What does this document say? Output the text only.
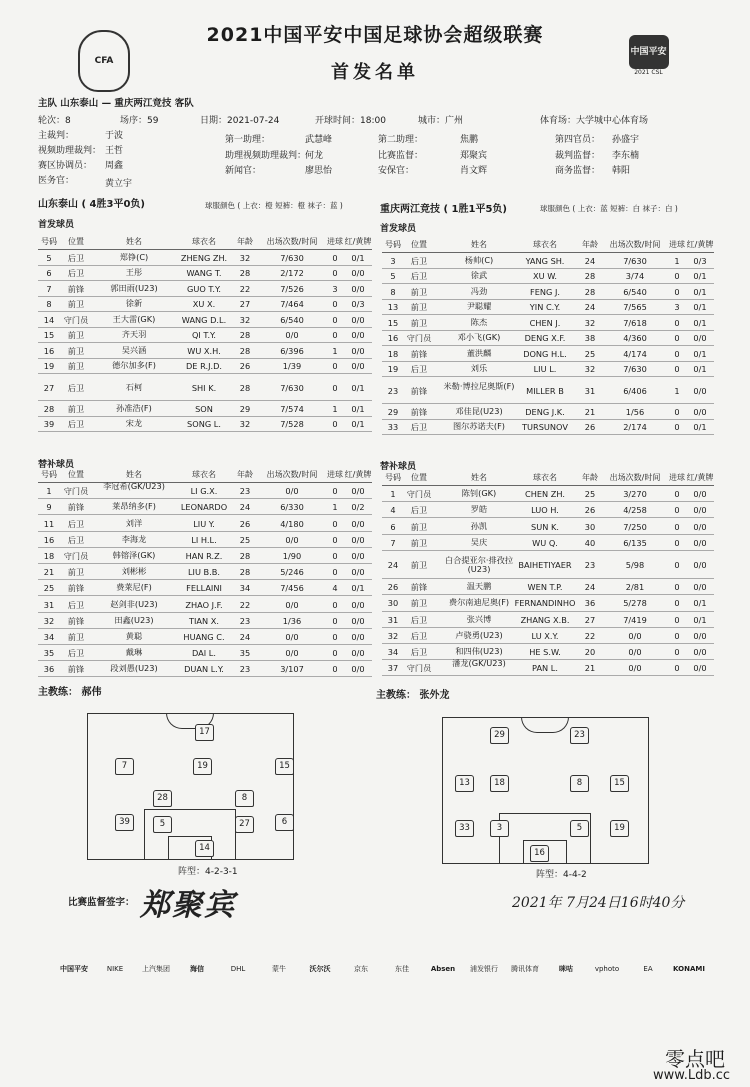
CFA
中国平安
2021 CSL
2021中国平安中国足球协会超级联赛
首发名单
主队 山东泰山 — 重庆两江竞技 客队
轮次：8	场序：59	日期：2021-07-24	开球时间：18:00	城市：广州	体育场：大学城中心体育场
主裁判：	于波	第一助理：	武慧峰	第二助理：	焦鹏	第四官员： 孙盛宇
视频助理裁判： 王哲	助理视频助理裁判：
何龙	比赛监督：	郑聚宾	裁判监督： 李东楠
赛区协调员： 周鑫	新闻官：	廖思怡	安保官：	肖文辉	商务监督： 韩阳
医务官：	黄立宇
山东泰山 ( 4胜3平0负)	球服颜色 ( 上衣：橙 短裤：橙 袜子：蓝 )	重庆两江竞技 ( 1胜1平5负)	球服颜色 ( 上衣：蓝 短裤：白 袜子：白 )
首发球员	首发球员
号码	位置	姓名	球衣名	年龄	出场次数/时间	进球 红/黄牌
5	后卫	郑铮(C)	ZHENG ZH.	32	7/630	0	0/1
6	后卫	王彤	WANG T.	28	2/172	0	0/0
7	前锋	郭田雨(U23)	GUO T.Y.	22	7/526	3	0/0
8	前卫	徐新	XU X.	27	7/464	0	0/3
14	守门员	王大雷(GK)	WANG D.L.	32	6/540	0	0/0
15	前卫	齐天羽	QI T.Y.	28	0/0	0	0/0
16	前卫	吴兴涵	WU X.H.	28	6/396	1	0/0
19	前卫	德尔加多(F)	DE R.J.D.	26	1/39	0	0/0
27	后卫	石柯	SHI K.	28	7/630	0	0/1
28	前卫	孙准浩(F)	SON	29	7/574	1	0/1
39	后卫	宋龙	SONG L.	32	7/528	0	0/1
号码	位置	姓名	球衣名	年龄	出场次数/时间	进球 红/黄牌
3	后卫	杨帅(C)	YANG SH.	24	7/630	1	0/3
5	后卫	徐武	XU W.	28	3/74	0	0/1
8	前卫	冯劲	FENG J.	28	6/540	0	0/1
13	前卫	尹聪耀	YIN C.Y.	24	7/565	3	0/1
15	前卫	陈杰	CHEN J.	32	7/618	0	0/1
16	守门员	邓小飞(GK)	DENG X.F.	38	4/360	0	0/0
18	前锋	董洪麟	DONG H.L.	25	4/174	0	0/1
19	后卫	刘乐	LIU L.	32	7/630	0	0/1
23	前锋	米勒·博拉尼奥斯(F)	MILLER B	31	6/406	1	0/0
29	前锋	邓佳昆(U23)	DENG J.K.	21	1/56	0	0/0
33	后卫	图尔苏诺夫(F)	TURSUNOV	26	2/174	0	0/1
号码	位置	姓名	球衣名	年龄	出场次数/时间	进球 红/黄牌
1	守门员	李冠希(GK/U23)	LI G.X.	23	0/0	0	0/0
9	前锋	莱昂纳多(F)	LEONARDO	24	6/330	1	0/2
11	后卫	刘洋	LIU Y.	26	4/180	0	0/0
16	后卫	李海龙	LI H.L.	25	0/0	0	0/0
18	守门员	韩镕泽(GK)	HAN R.Z.	28	1/90	0	0/0
21	前卫	刘彬彬	LIU B.B.	28	5/246	0	0/0
25	前锋	费莱尼(F)	FELLAINI	34	7/456	4	0/1
31	后卫	赵剑非(U23)	ZHAO J.F.	22	0/0	0	0/0
32	前锋	田鑫(U23)	TIAN X.	23	1/36	0	0/0
34	前卫	黄聪	HUANG C.	24	0/0	0	0/0
35	后卫	戴琳	DAI L.	35	0/0	0	0/0
36	前锋	段刘愚(U23)	DUAN L.Y.	23	3/107	0	0/0
号码	位置	姓名	球衣名	年龄	出场次数/时间	进球 红/黄牌
1	守门员	陈钊(GK)	CHEN ZH.	25	3/270	0	0/0
4	后卫	罗皓	LUO H.	26	4/258	0	0/0
6	前卫	孙凯	SUN K.	30	7/250	0	0/0
7	前卫	吴庆	WU Q.	40	6/135	0	0/0
24	前卫	白合提亚尔·排孜拉(U23)	BAIHETIYAER	23	5/98	0	0/0
26	前锋	温天鹏	WEN T.P.	24	2/81	0	0/0
30	前卫	费尔南迪尼奥(F) FERNANDINHO	36	5/278	0	0/1
31	后卫	张兴博	ZHANG X.B.	27	7/419	0	0/1
32	后卫	卢骁勇(U23)	LU X.Y.	22	0/0	0	0/0
34	后卫	和四伟(U23)	HE S.W.	20	0/0	0	0/0
37	守门员	潘龙(GK/U23)	PAN L.	21	0/0	0	0/0
替补球员	替补球员
主教练： 郝伟	主教练： 张外龙
17
7	19	15
28	8
39	5	27	6
14
阵型：4-2-3-1
29	23
13	18	8	15
33	3	5	19
16
阵型：4-4-2
比赛监督签字： 郑聚宾	2021年 7月24日16时40分
中国平安	NIKE	上汽集团	海信	DHL	蒙牛	沃尔沃	京东	东佳	Absen	浦发银行	腾讯体育	咪咕	vphoto	EA	KONAMI
零点吧
www.Ldb.cc
